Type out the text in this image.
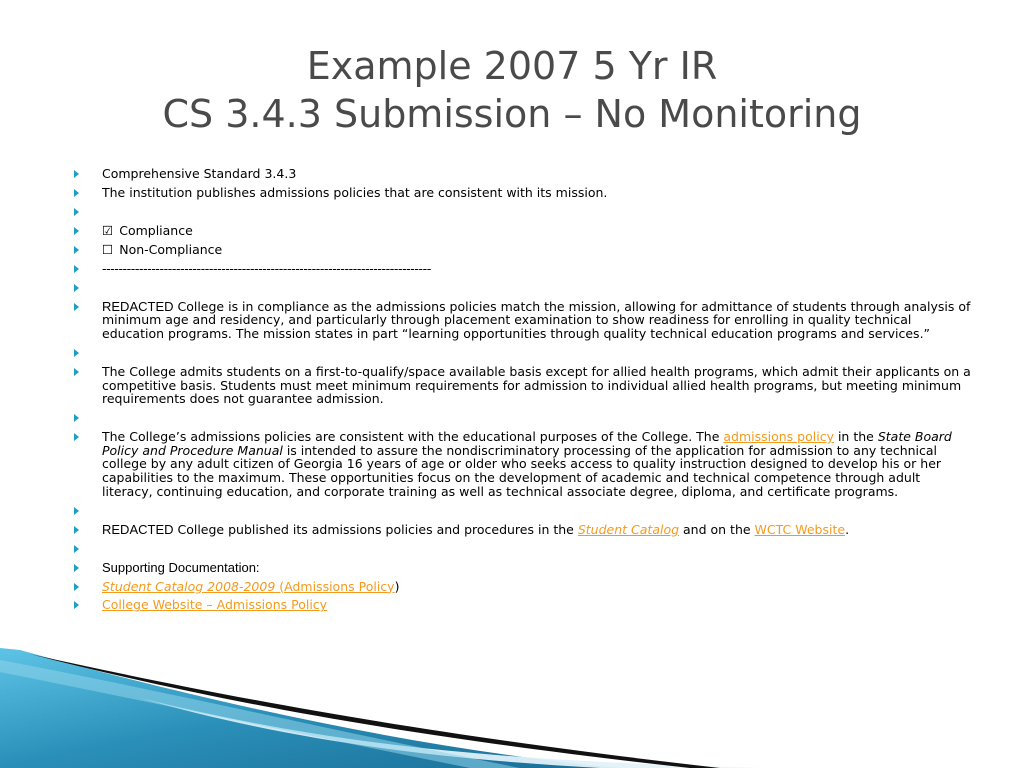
Example 2007 5 Yr IR
CS 3.4.3 Submission – No Monitoring
Comprehensive Standard 3.4.3
The institution publishes admissions policies that are consistent with its mission.
☑ Compliance
☐ Non-Compliance
--------------------------------------------------------------------------------
REDACTED College is in compliance as the admissions policies match the mission, allowing for admittance of students through analysis of minimum age and residency, and particularly through placement examination to show readiness for enrolling in quality technical education programs. The mission states in part “learning opportunities through quality technical education programs and services.”
The College admits students on a first-to-qualify/space available basis except for allied health programs, which admit their applicants on a competitive basis. Students must meet minimum requirements for admission to individual allied health programs, but meeting minimum requirements does not guarantee admission.
The College’s admissions policies are consistent with the educational purposes of the College. The admissions policy in the State Board Policy and Procedure Manual is intended to assure the nondiscriminatory processing of the application for admission to any technical college by any adult citizen of Georgia 16 years of age or older who seeks access to quality instruction designed to develop his or her capabilities to the maximum. These opportunities focus on the development of academic and technical competence through adult literacy, continuing education, and corporate training as well as technical associate degree, diploma, and certificate programs.
REDACTED College published its admissions policies and procedures in the Student Catalog and on the WCTC Website.
Supporting Documentation:
Student Catalog 2008-2009 (Admissions Policy)
College Website – Admissions Policy
